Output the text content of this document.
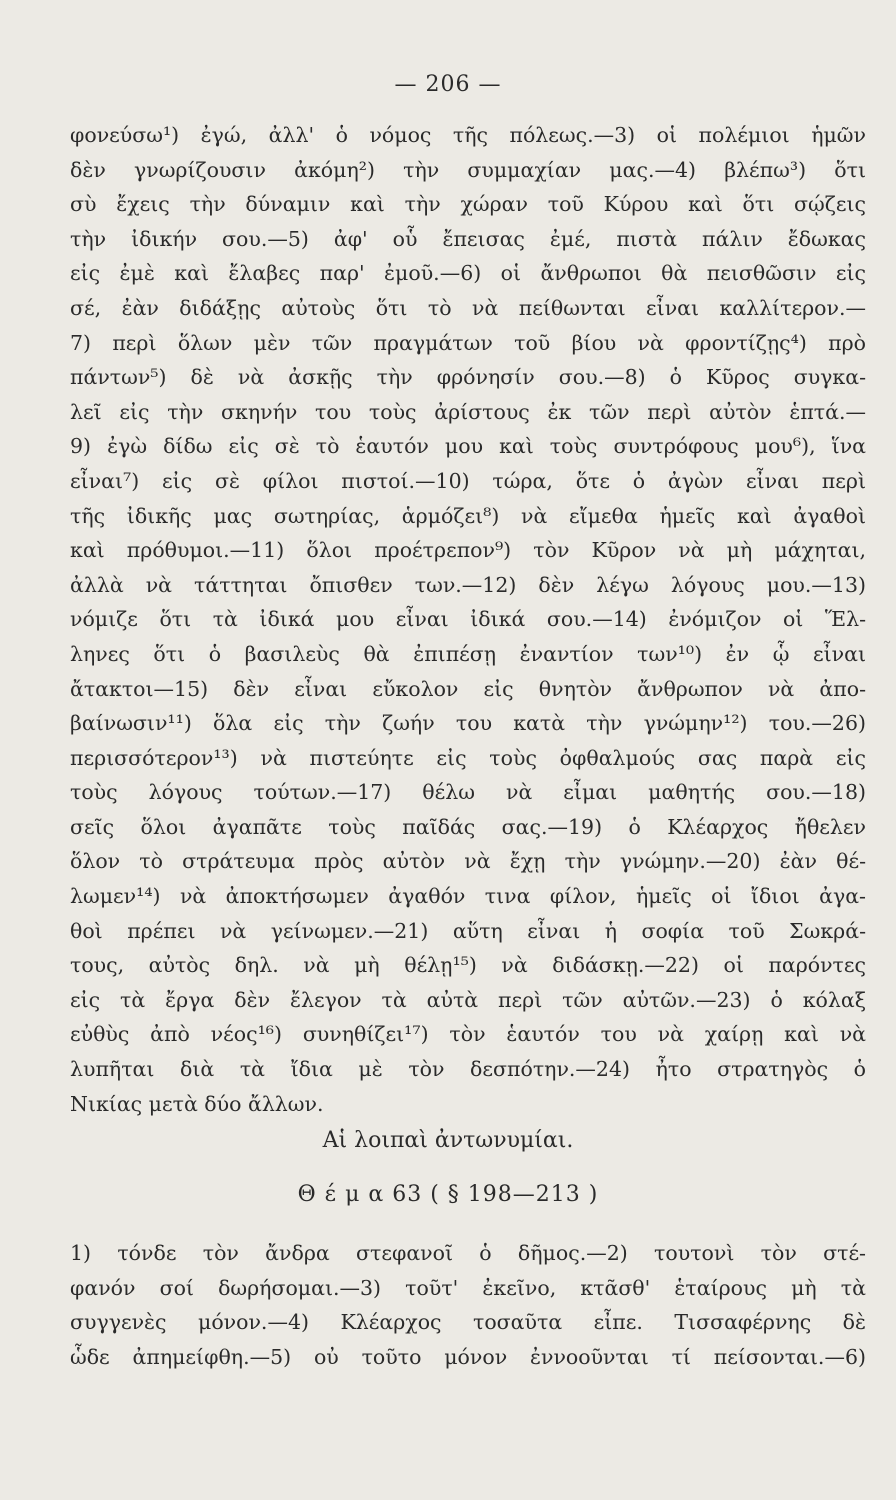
— 206 —
φονεύσω¹) ἐγώ, ἀλλ' ὁ νόμος τῆς πόλεως.—3) οἱ πολέμιοι ἡμῶν
δὲν γνωρίζουσιν ἀκόμη²) τὴν συμμαχίαν μας.—4) βλέπω³) ὅτι
σὺ ἔχεις τὴν δύναμιν καὶ τὴν χώραν τοῦ Κύρου καὶ ὅτι σῴζεις
τὴν ἰδικήν σου.—5) ἀφ' οὗ ἔπεισας ἐμέ, πιστὰ πάλιν ἔδωκας
εἰς ἐμὲ καὶ ἔλαβες παρ' ἐμοῦ.—6) οἱ ἄνθρωποι θὰ πεισθῶσιν εἰς
σέ, ἐὰν διδάξῃς αὐτοὺς ὅτι τὸ νὰ πείθωνται εἶναι καλλίτερον.—
7) περὶ ὅλων μὲν τῶν πραγμάτων τοῦ βίου νὰ φροντίζῃς⁴) πρὸ
πάντων⁵) δὲ νὰ ἀσκῇς τὴν φρόνησίν σου.—8) ὁ Κῦρος συγκα-
λεῖ εἰς τὴν σκηνήν του τοὺς ἀρίστους ἐκ τῶν περὶ αὐτὸν ἑπτά.—
9) ἐγὼ δίδω εἰς σὲ τὸ ἑαυτόν μου καὶ τοὺς συντρόφους μου⁶), ἵνα
εἶναι⁷) εἰς σὲ φίλοι πιστοί.—10) τώρα, ὅτε ὁ ἀγὼν εἶναι περὶ
τῆς ἰδικῆς μας σωτηρίας, ἁρμόζει⁸) νὰ εἴμεθα ἡμεῖς καὶ ἀγαθοὶ
καὶ πρόθυμοι.—11) ὅλοι προέτρεπον⁹) τὸν Κῦρον νὰ μὴ μάχηται,
ἀλλὰ νὰ τάττηται ὄπισθεν των.—12) δὲν λέγω λόγους μου.—13)
νόμιζε ὅτι τὰ ἰδικά μου εἶναι ἰδικά σου.—14) ἐνόμιζον οἱ Ἕλ-
ληνες ὅτι ὁ βασιλεὺς θὰ ἐπιπέσῃ ἐναντίον των¹⁰) ἐν ᾧ εἶναι
ἄτακτοι—15) δὲν εἶναι εὔκολον εἰς θνητὸν ἄνθρωπον νὰ ἀπο-
βαίνωσιν¹¹) ὅλα εἰς τὴν ζωήν του κατὰ τὴν γνώμην¹²) του.—26)
περισσότερον¹³) νὰ πιστεύητε εἰς τοὺς ὀφθαλμούς σας παρὰ εἰς
τοὺς λόγους τούτων.—17) θέλω νὰ εἶμαι μαθητής σου.—18)
σεῖς ὅλοι ἀγαπᾶτε τοὺς παῖδάς σας.—19) ὁ Κλέαρχος ἤθελεν
ὅλον τὸ στράτευμα πρὸς αὐτὸν νὰ ἔχῃ τὴν γνώμην.—20) ἐὰν θέ-
λωμεν¹⁴) νὰ ἀποκτήσωμεν ἀγαθόν τινα φίλον, ἡμεῖς οἱ ἴδιοι ἀγα-
θοὶ πρέπει νὰ γείνωμεν.—21) αὕτη εἶναι ἡ σοφία τοῦ Σωκρά-
τους, αὐτὸς δηλ. νὰ μὴ θέλῃ¹⁵) νὰ διδάσκῃ.—22) οἱ παρόντες
εἰς τὰ ἔργα δὲν ἔλεγον τὰ αὐτὰ περὶ τῶν αὐτῶν.—23) ὁ κόλαξ
εὐθὺς ἀπὸ νέος¹⁶) συνηθίζει¹⁷) τὸν ἑαυτόν του νὰ χαίρῃ καὶ νὰ
λυπῆται διὰ τὰ ἴδια μὲ τὸν δεσπότην.—24) ἦτο στρατηγὸς ὁ
Νικίας μετὰ δύο ἄλλων.
Αἱ λοιπαὶ ἀντωνυμίαι.
Θ έ μ α 63 ( § 198—213 )
1) τόνδε τὸν ἄνδρα στεφανοῖ ὁ δῆμος.—2) τουτονὶ τὸν στέ-
φανόν σοί δωρήσομαι.—3) τοῦτ' ἐκεῖνο, κτᾶσθ' ἑταίρους μὴ τὰ
συγγενὲς μόνον.—4) Κλέαρχος τοσαῦτα εἶπε. Τισσαφέρνης δὲ
ὧδε ἀπημείφθη.—5) οὐ τοῦτο μόνον ἐννοοῦνται τί πείσονται.—6)
